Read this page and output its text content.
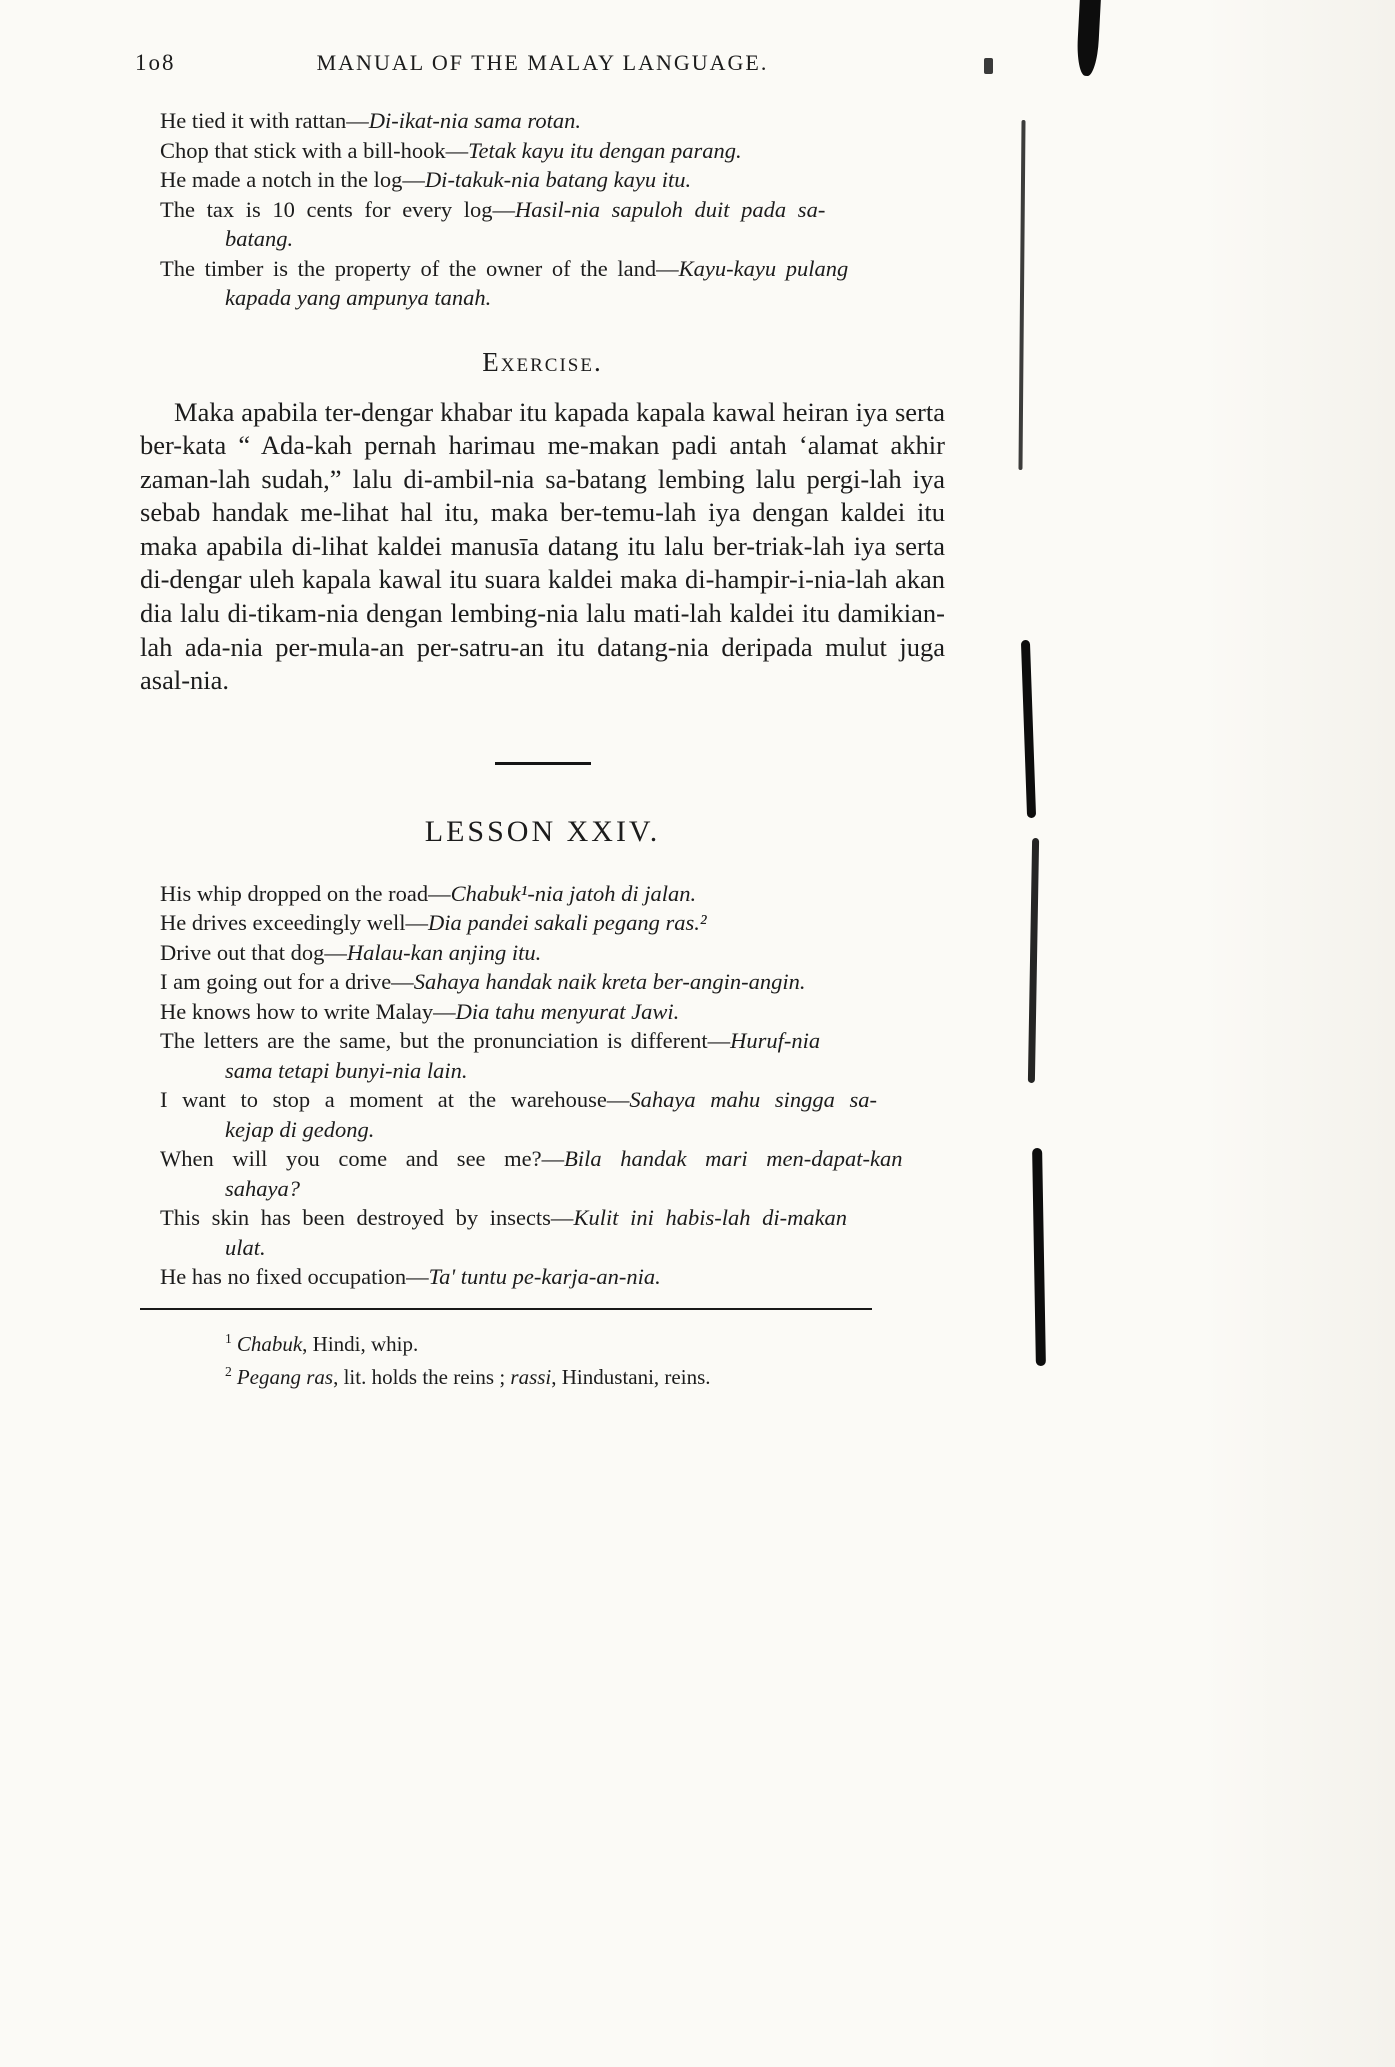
1o8	MANUAL OF THE MALAY LANGUAGE.

He tied it with rattan—Di-ikat-nia sama rotan.

Chop that stick with a bill-hook—Tetak kayu itu dengan parang.

He made a notch in the log—Di-takuk-nia batang kayu itu.

The tax is 10 cents for every log—Hasil-nia sapuloh duit pada sa-
batang.

The timber is the property of the owner of the land—Kayu-kayu pulang
kapada yang ampunya tanah.

Exercise.

Maka apabila ter-dengar khabar itu kapada kapala kawal heiran iya serta ber-kata “ Ada-kah pernah harimau me-makan padi antah ‘alamat akhir zaman-lah sudah,” lalu di-ambil-nia sa-batang lembing lalu pergi-lah iya sebab handak me-lihat hal itu, maka ber-temu-lah iya dengan kaldei itu maka apabila di-lihat kaldei manusīa datang itu lalu ber-triak-lah iya serta di-dengar uleh kapala kawal itu suara kaldei maka di-hampir-i-nia-lah akan dia lalu di-tikam-nia dengan lembing-nia lalu mati-lah kaldei itu damikian-lah ada-nia per-mula-an per-satru-an itu datang-nia deripada mulut juga asal-nia.

LESSON XXIV.

His whip dropped on the road—Chabuk¹-nia jatoh di jalan.

He drives exceedingly well—Dia pandei sakali pegang ras.²

Drive out that dog—Halau-kan anjing itu.

I am going out for a drive—Sahaya handak naik kreta ber-angin-angin.

He knows how to write Malay—Dia tahu menyurat Jawi.

The letters are the same, but the pronunciation is different—Huruf-nia
sama tetapi bunyi-nia lain.

I want to stop a moment at the warehouse—Sahaya mahu singga sa-
kejap di gedong.

When will you come and see me?—Bila handak mari men-dapat-kan
sahaya?

This skin has been destroyed by insects—Kulit ini habis-lah di-makan
ulat.

He has no fixed occupation—Ta' tuntu pe-karja-an-nia.

$^1$ Chabuk, Hindi, whip.

$^2$ Pegang ras, lit. holds the reins ; rassi, Hindustani, reins.
